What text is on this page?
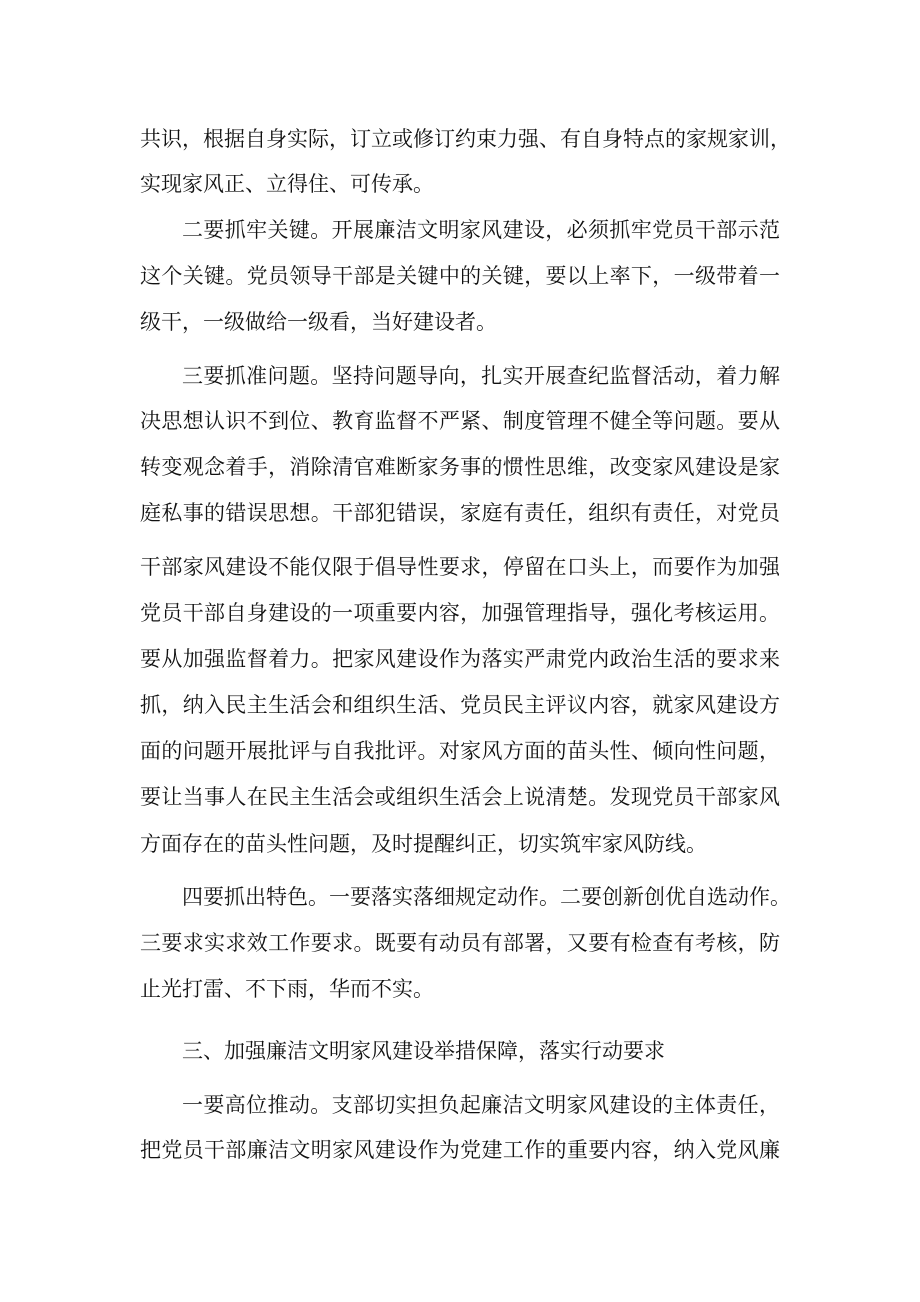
共识，根据自身实际，订立或修订约束力强、有自身特点的家规家训，
实现家风正、立得住、可传承。
二要抓牢关键。开展廉洁文明家风建设，必须抓牢党员干部示范
这个关键。党员领导干部是关键中的关键，要以上率下，一级带着一
级干，一级做给一级看，当好建设者。
三要抓准问题。坚持问题导向，扎实开展查纪监督活动，着力解
决思想认识不到位、教育监督不严紧、制度管理不健全等问题。要从
转变观念着手，消除清官难断家务事的惯性思维，改变家风建设是家
庭私事的错误思想。干部犯错误，家庭有责任，组织有责任，对党员
干部家风建设不能仅限于倡导性要求，停留在口头上，而要作为加强
党员干部自身建设的一项重要内容，加强管理指导，强化考核运用。
要从加强监督着力。把家风建设作为落实严肃党内政治生活的要求来
抓，纳入民主生活会和组织生活、党员民主评议内容，就家风建设方
面的问题开展批评与自我批评。对家风方面的苗头性、倾向性问题，
要让当事人在民主生活会或组织生活会上说清楚。发现党员干部家风
方面存在的苗头性问题，及时提醒纠正，切实筑牢家风防线。
四要抓出特色。一要落实落细规定动作。二要创新创优自选动作。
三要求实求效工作要求。既要有动员有部署，又要有检查有考核，防
止光打雷、不下雨，华而不实。
三、加强廉洁文明家风建设举措保障，落实行动要求
一要高位推动。支部切实担负起廉洁文明家风建设的主体责任，
把党员干部廉洁文明家风建设作为党建工作的重要内容，纳入党风廉
